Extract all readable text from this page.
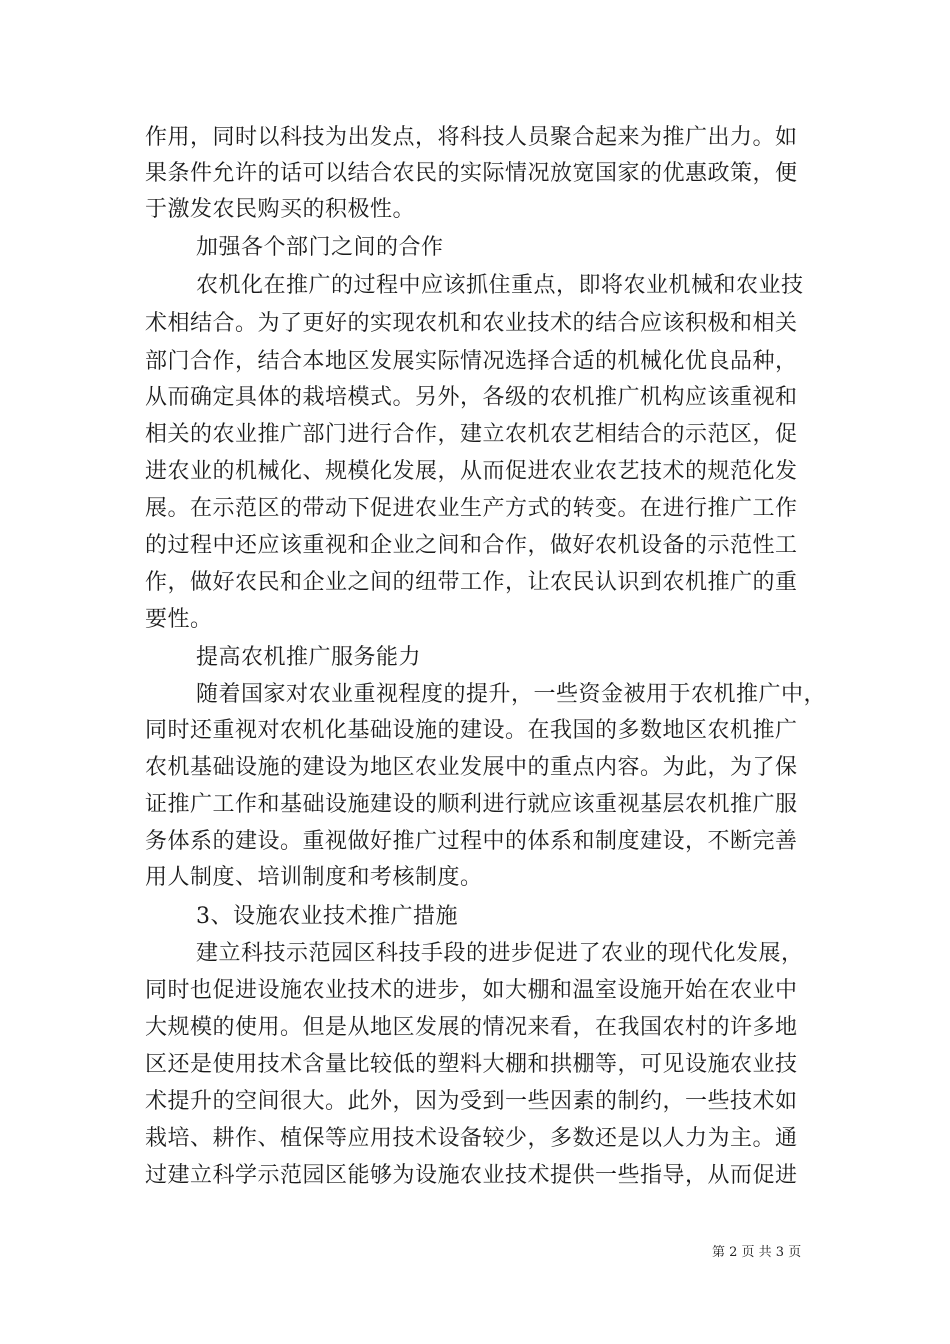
作用，同时以科技为出发点，将科技人员聚合起来为推广出力。如
果条件允许的话可以结合农民的实际情况放宽国家的优惠政策，便
于激发农民购买的积极性。
加强各个部门之间的合作
农机化在推广的过程中应该抓住重点，即将农业机械和农业技
术相结合。为了更好的实现农机和农业技术的结合应该积极和相关
部门合作，结合本地区发展实际情况选择合适的机械化优良品种，
从而确定具体的栽培模式。另外，各级的农机推广机构应该重视和
相关的农业推广部门进行合作，建立农机农艺相结合的示范区，促
进农业的机械化、规模化发展，从而促进农业农艺技术的规范化发
展。在示范区的带动下促进农业生产方式的转变。在进行推广工作
的过程中还应该重视和企业之间和合作，做好农机设备的示范性工
作，做好农民和企业之间的纽带工作，让农民认识到农机推广的重
要性。
提高农机推广服务能力
随着国家对农业重视程度的提升，一些资金被用于农机推广中，
同时还重视对农机化基础设施的建设。在我国的多数地区农机推广
农机基础设施的建设为地区农业发展中的重点内容。为此，为了保
证推广工作和基础设施建设的顺利进行就应该重视基层农机推广服
务体系的建设。重视做好推广过程中的体系和制度建设，不断完善
用人制度、培训制度和考核制度。
3、设施农业技术推广措施
建立科技示范园区科技手段的进步促进了农业的现代化发展，
同时也促进设施农业技术的进步，如大棚和温室设施开始在农业中
大规模的使用。但是从地区发展的情况来看，在我国农村的许多地
区还是使用技术含量比较低的塑料大棚和拱棚等，可见设施农业技
术提升的空间很大。此外，因为受到一些因素的制约，一些技术如
栽培、耕作、植保等应用技术设备较少，多数还是以人力为主。通
过建立科学示范园区能够为设施农业技术提供一些指导，从而促进
第 2 页 共 3 页
